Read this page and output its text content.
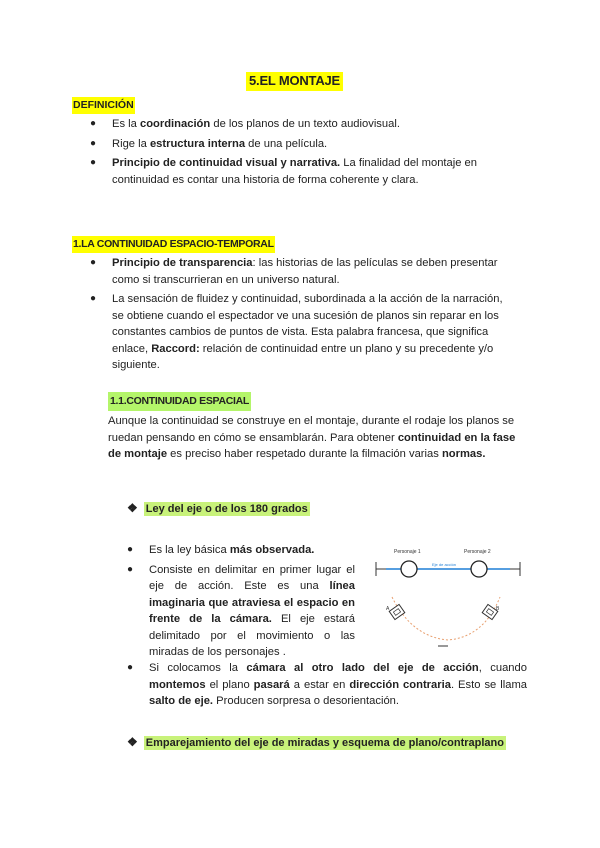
5.EL MONTAJE
DEFINICIÓN
● Es la coordinación de los planos de un texto audiovisual.
● Rige la estructura interna de una película.
● Principio de continuidad visual y narrativa. La finalidad del montaje en continuidad es contar una historia de forma coherente y clara.
1.LA CONTINUIDAD ESPACIO-TEMPORAL
● Principio de transparencia: las historias de las películas se deben presentar como si transcurrieran en un universo natural.
● La sensación de fluidez y continuidad, subordinada a la acción de la narración, se obtiene cuando el espectador ve una sucesión de planos sin reparar en los constantes cambios de puntos de vista. Esta palabra francesa, que significa enlace, Raccord: relación de continuidad entre un plano y su precedente y/o siguiente.
1.1.CONTINUIDAD ESPACIAL
Aunque la continuidad se construye en el montaje, durante el rodaje los planos se ruedan pensando en cómo se ensamblarán. Para obtener continuidad en la fase de montaje es preciso haber respetado durante la filmación varias normas.
❖ Ley del eje o de los 180 grados
● Es la ley básica más observada.
● Consiste en delimitar en primer lugar el eje de acción. Este es una línea imaginaria que atraviesa el espacio en frente de la cámara. El eje estará delimitado por el movimiento o las miradas de los personajes .
● Si colocamos la cámara al otro lado del eje de acción, cuando montemos el plano pasará a estar en dirección contraria. Esto se llama salto de eje. Producen sorpresa o desorientación.
Personaje 1	Personaje 2
Eje de acción
A	B
❖ Emparejamiento del eje de miradas y esquema de plano/contraplano
